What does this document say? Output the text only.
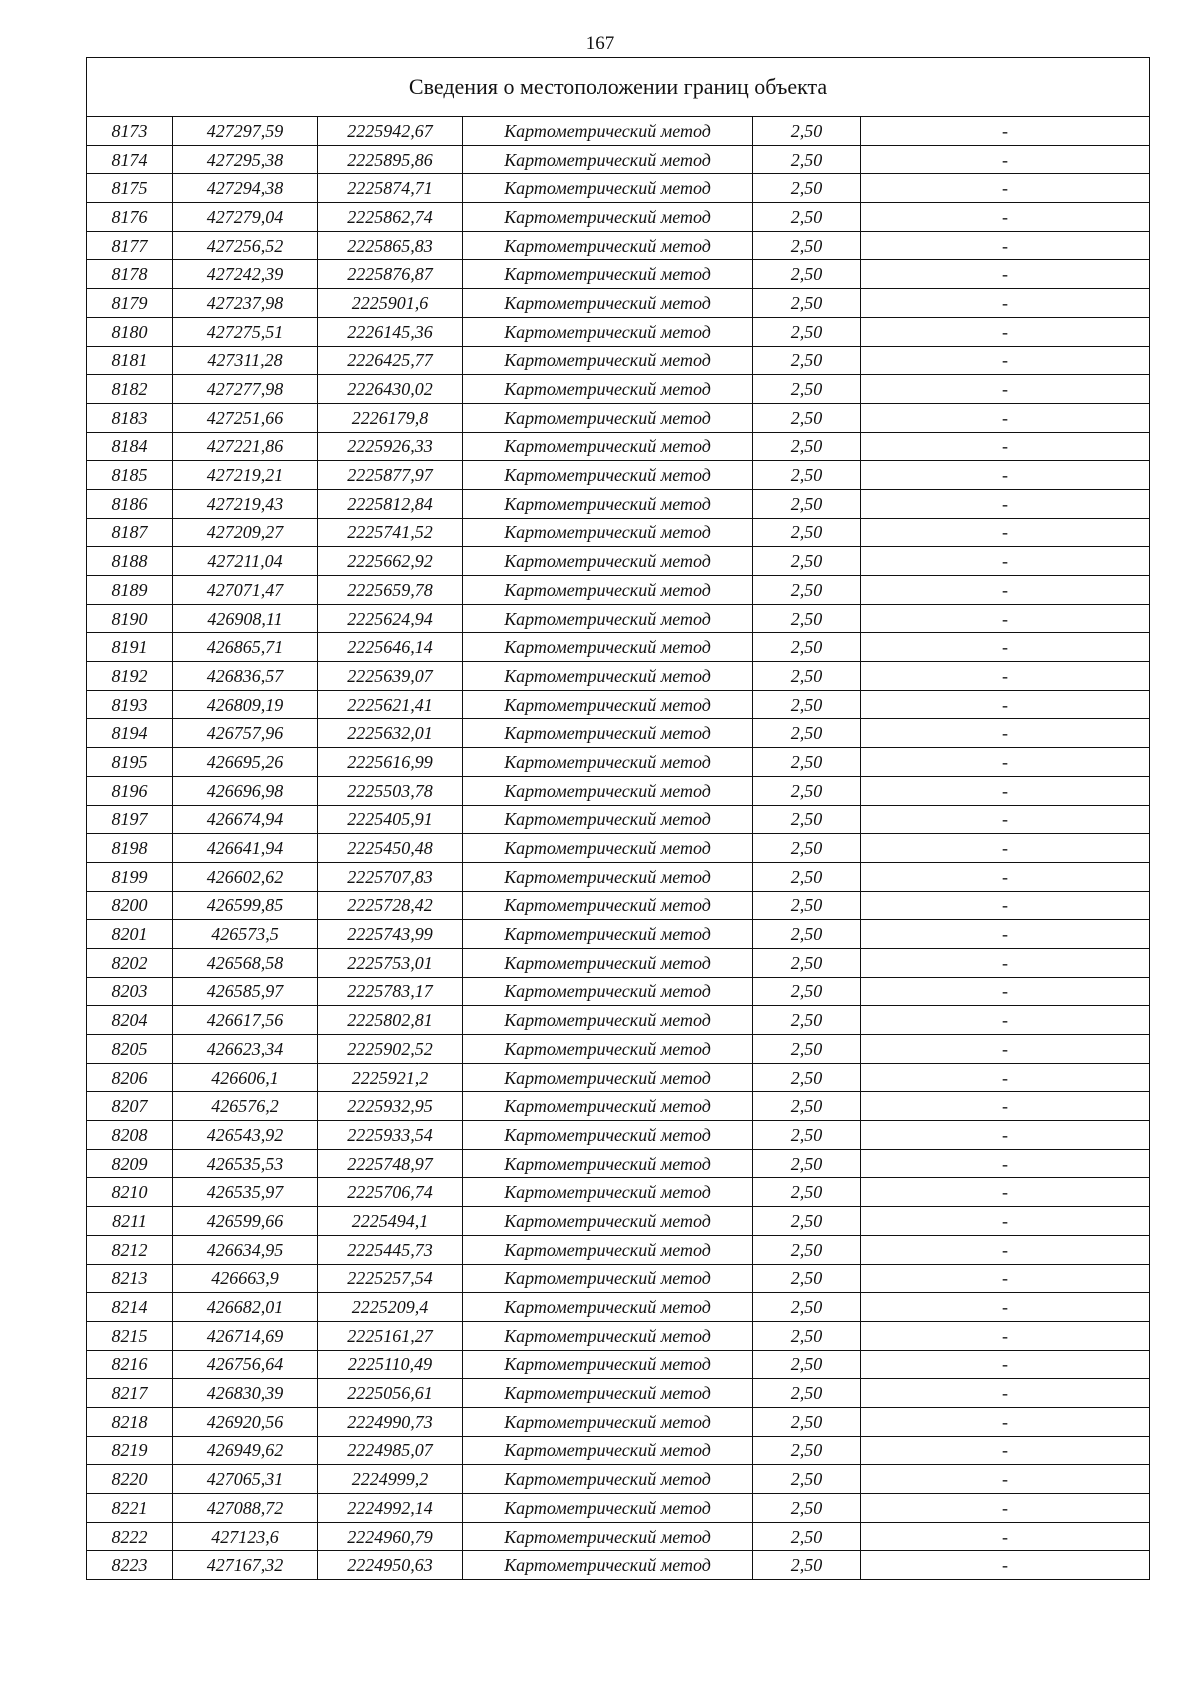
167
Сведения о местоположении границ объекта					
8173	427297,59	2225942,67	Картометрический метод	2,50	-
8174	427295,38	2225895,86	Картометрический метод	2,50	-
8175	427294,38	2225874,71	Картометрический метод	2,50	-
8176	427279,04	2225862,74	Картометрический метод	2,50	-
8177	427256,52	2225865,83	Картометрический метод	2,50	-
8178	427242,39	2225876,87	Картометрический метод	2,50	-
8179	427237,98	2225901,6	Картометрический метод	2,50	-
8180	427275,51	2226145,36	Картометрический метод	2,50	-
8181	427311,28	2226425,77	Картометрический метод	2,50	-
8182	427277,98	2226430,02	Картометрический метод	2,50	-
8183	427251,66	2226179,8	Картометрический метод	2,50	-
8184	427221,86	2225926,33	Картометрический метод	2,50	-
8185	427219,21	2225877,97	Картометрический метод	2,50	-
8186	427219,43	2225812,84	Картометрический метод	2,50	-
8187	427209,27	2225741,52	Картометрический метод	2,50	-
8188	427211,04	2225662,92	Картометрический метод	2,50	-
8189	427071,47	2225659,78	Картометрический метод	2,50	-
8190	426908,11	2225624,94	Картометрический метод	2,50	-
8191	426865,71	2225646,14	Картометрический метод	2,50	-
8192	426836,57	2225639,07	Картометрический метод	2,50	-
8193	426809,19	2225621,41	Картометрический метод	2,50	-
8194	426757,96	2225632,01	Картометрический метод	2,50	-
8195	426695,26	2225616,99	Картометрический метод	2,50	-
8196	426696,98	2225503,78	Картометрический метод	2,50	-
8197	426674,94	2225405,91	Картометрический метод	2,50	-
8198	426641,94	2225450,48	Картометрический метод	2,50	-
8199	426602,62	2225707,83	Картометрический метод	2,50	-
8200	426599,85	2225728,42	Картометрический метод	2,50	-
8201	426573,5	2225743,99	Картометрический метод	2,50	-
8202	426568,58	2225753,01	Картометрический метод	2,50	-
8203	426585,97	2225783,17	Картометрический метод	2,50	-
8204	426617,56	2225802,81	Картометрический метод	2,50	-
8205	426623,34	2225902,52	Картометрический метод	2,50	-
8206	426606,1	2225921,2	Картометрический метод	2,50	-
8207	426576,2	2225932,95	Картометрический метод	2,50	-
8208	426543,92	2225933,54	Картометрический метод	2,50	-
8209	426535,53	2225748,97	Картометрический метод	2,50	-
8210	426535,97	2225706,74	Картометрический метод	2,50	-
8211	426599,66	2225494,1	Картометрический метод	2,50	-
8212	426634,95	2225445,73	Картометрический метод	2,50	-
8213	426663,9	2225257,54	Картометрический метод	2,50	-
8214	426682,01	2225209,4	Картометрический метод	2,50	-
8215	426714,69	2225161,27	Картометрический метод	2,50	-
8216	426756,64	2225110,49	Картометрический метод	2,50	-
8217	426830,39	2225056,61	Картометрический метод	2,50	-
8218	426920,56	2224990,73	Картометрический метод	2,50	-
8219	426949,62	2224985,07	Картометрический метод	2,50	-
8220	427065,31	2224999,2	Картометрический метод	2,50	-
8221	427088,72	2224992,14	Картометрический метод	2,50	-
8222	427123,6	2224960,79	Картометрический метод	2,50	-
8223	427167,32	2224950,63	Картометрический метод	2,50	-
